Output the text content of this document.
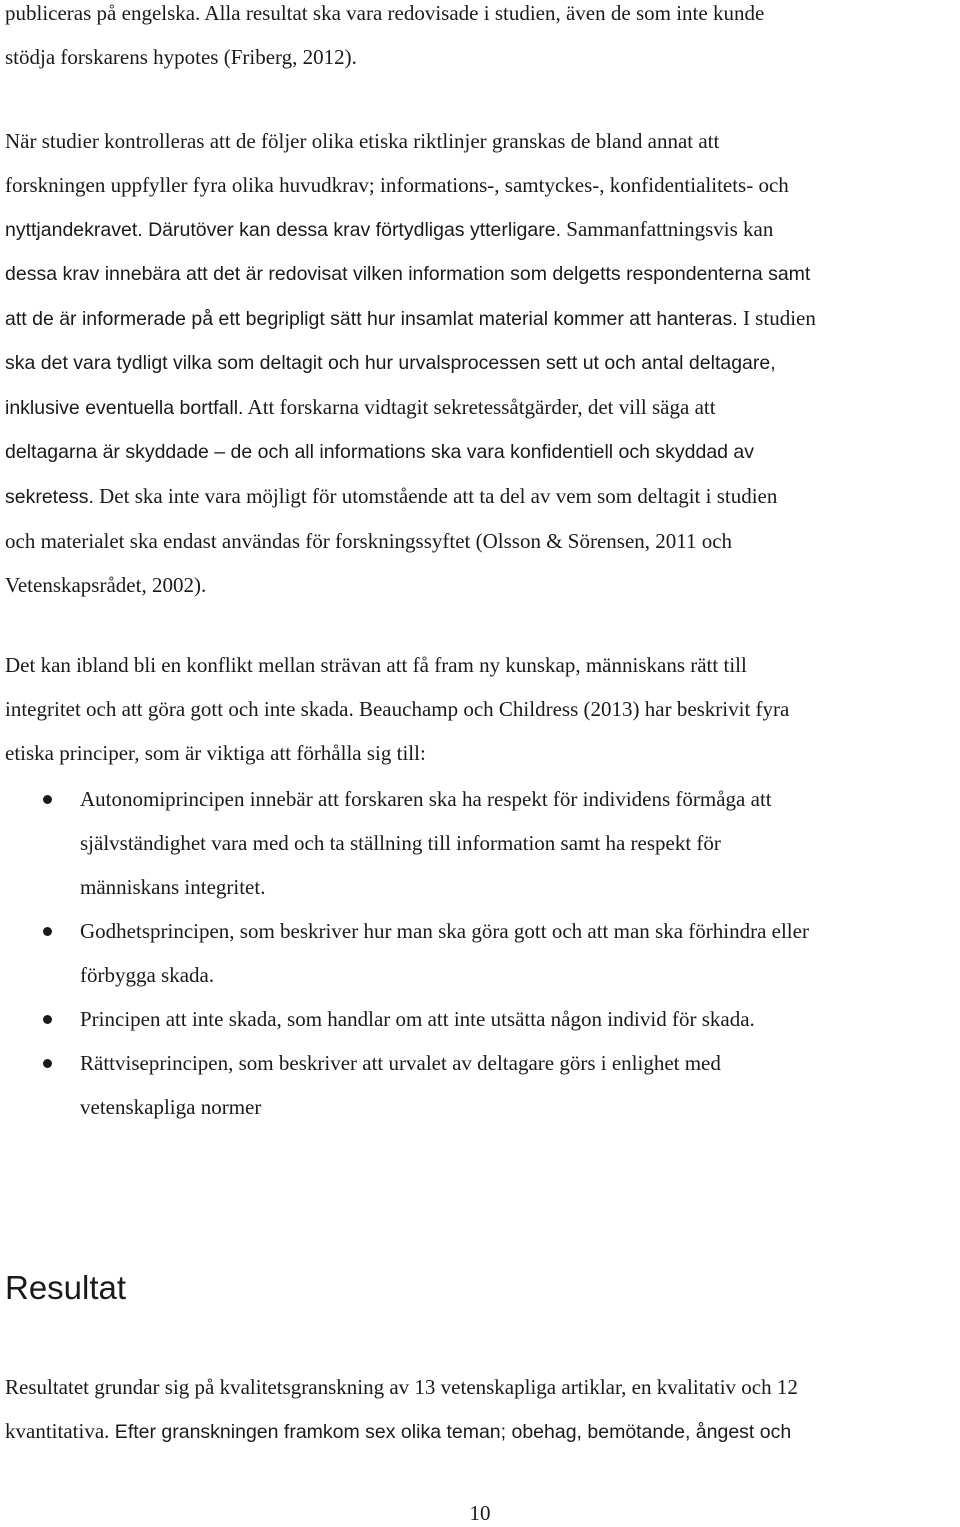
publiceras på engelska. Alla resultat ska vara redovisade i studien, även de som inte kunde
stödja forskarens hypotes (Friberg, 2012).

När studier kontrolleras att de följer olika etiska riktlinjer granskas de bland annat att
forskningen uppfyller fyra olika huvudkrav; informations-, samtyckes-, konfidentialitets- och
nyttjandekravet. Därutöver kan dessa krav förtydligas ytterligare. Sammanfattningsvis kan
dessa krav innebära att det är redovisat vilken information som delgetts respondenterna samt
att de är informerade på ett begripligt sätt hur insamlat material kommer att hanteras. I studien
ska det vara tydligt vilka som deltagit och hur urvalsprocessen sett ut och antal deltagare,
inklusive eventuella bortfall. Att forskarna vidtagit sekretessåtgärder, det vill säga att
deltagarna är skyddade – de och all informations ska vara konfidentiell och skyddad av
sekretess. Det ska inte vara möjligt för utomstående att ta del av vem som deltagit i studien
och materialet ska endast användas för forskningssyftet (Olsson & Sörensen, 2011 och
Vetenskapsrådet, 2002).

Det kan ibland bli en konflikt mellan strävan att få fram ny kunskap, människans rätt till
integritet och att göra gott och inte skada. Beauchamp och Childress (2013) har beskrivit fyra
etiska principer, som är viktiga att förhålla sig till:

Autonomiprincipen innebär att forskaren ska ha respekt för individens förmåga att
självständighet vara med och ta ställning till information samt ha respekt för
människans integritet.
Godhetsprincipen, som beskriver hur man ska göra gott och att man ska förhindra eller
förbygga skada.
Principen att inte skada, som handlar om att inte utsätta någon individ för skada.
Rättviseprincipen, som beskriver att urvalet av deltagare görs i enlighet med
vetenskapliga normer
Resultat

Resultatet grundar sig på kvalitetsgranskning av 13 vetenskapliga artiklar, en kvalitativ och 12
kvantitativa. Efter granskningen framkom sex olika teman; obehag, bemötande, ångest och

10
